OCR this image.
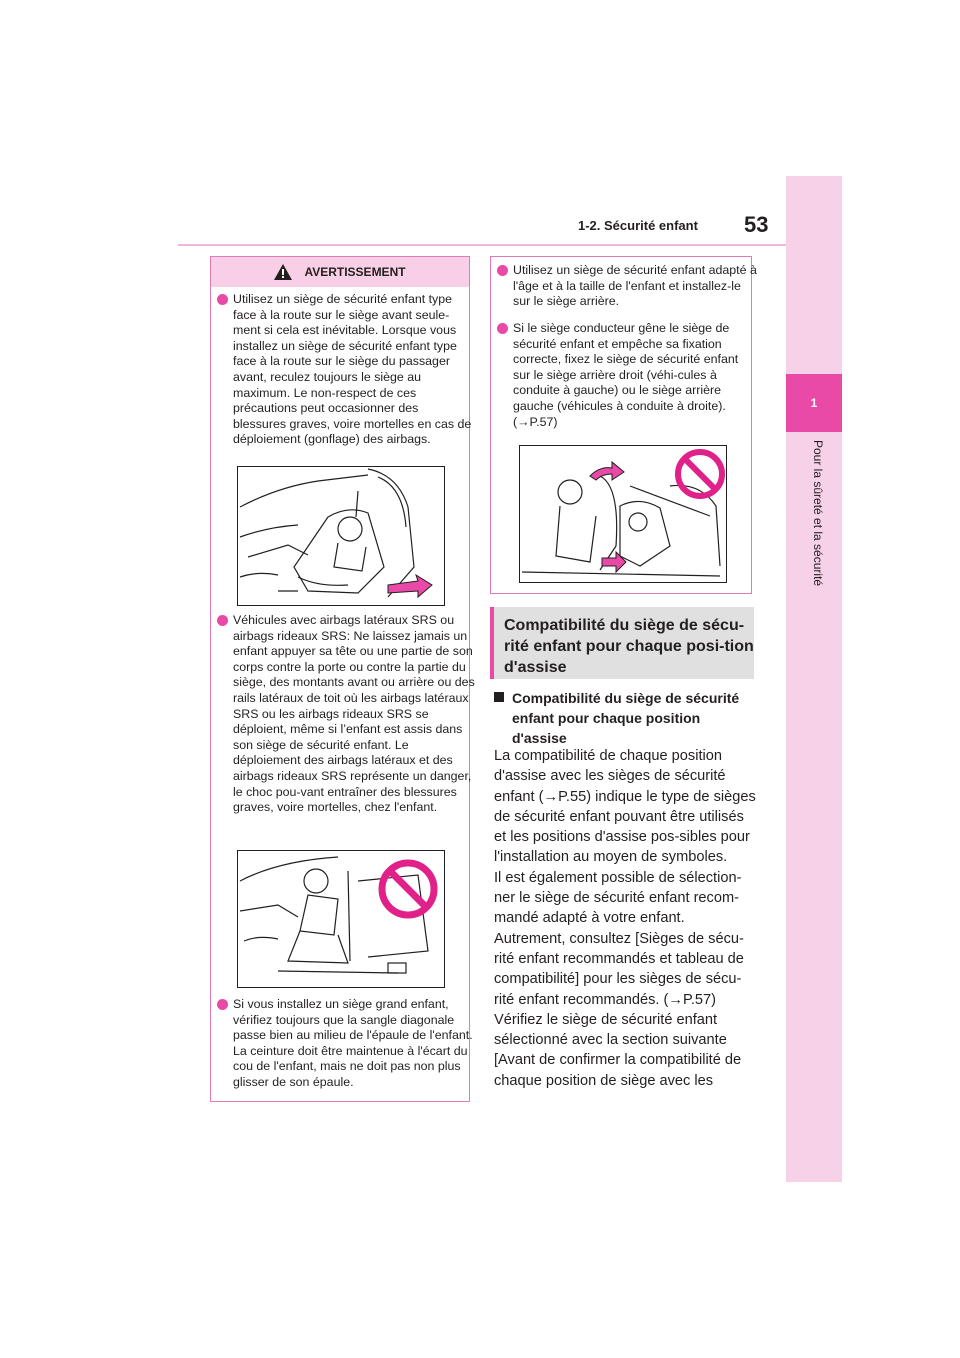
1-2. Sécurité enfant 53
1
Pour la sûreté et la sécurité
AVERTISSEMENT

Utilisez un siège de sécurité enfant type face à la route sur le siège avant seule-ment si cela est inévitable. Lorsque vous installez un siège de sécurité enfant type face à la route sur le siège du passager avant, reculez toujours le siège au maximum. Le non-respect de ces précautions peut occasionner des blessures graves, voire mortelles en cas de déploiement (gonflage) des airbags.

Véhicules avec airbags latéraux SRS ou airbags rideaux SRS: Ne laissez jamais un enfant appuyer sa tête ou une partie de son corps contre la porte ou contre la partie du siège, des montants avant ou arrière ou des rails latéraux de toit où les airbags latéraux SRS ou les airbags rideaux SRS se déploient, même si l’enfant est assis dans son siège de sécurité enfant. Le déploiement des airbags latéraux et des airbags rideaux SRS représente un danger, le choc pou-vant entraîner des blessures graves, voire mortelles, chez l'enfant.

Si vous installez un siège grand enfant, vérifiez toujours que la sangle diagonale passe bien au milieu de l'épaule de l'enfant. La ceinture doit être maintenue à l'écart du cou de l'enfant, mais ne doit pas non plus glisser de son épaule.

Utilisez un siège de sécurité enfant adapté à l'âge et à la taille de l'enfant et installez-le sur le siège arrière.

Si le siège conducteur gêne le siège de sécurité enfant et empêche sa fixation correcte, fixez le siège de sécurité enfant sur le siège arrière droit (véhi-cules à conduite à gauche) ou le siège arrière gauche (véhicules à conduite à droite). (→P.57)

Compatibilité du siège de sécu-rité enfant pour chaque posi-tion d'assise
Compatibilité du siège de sécurité enfant pour chaque position d'assise

La compatibilité de chaque position d'assise avec les sièges de sécurité enfant (→P.55) indique le type de sièges de sécurité enfant pouvant être utilisés et les positions d'assise pos-sibles pour l'installation au moyen de symboles.

Il est également possible de sélection-ner le siège de sécurité enfant recom-mandé adapté à votre enfant. Autrement, consultez [Sièges de sécu-rité enfant recommandés et tableau de compatibilité] pour les sièges de sécu-rité enfant recommandés. (→P.57)

Vérifiez le siège de sécurité enfant sélectionné avec la section suivante [Avant de confirmer la compatibilité de chaque position de siège avec les
